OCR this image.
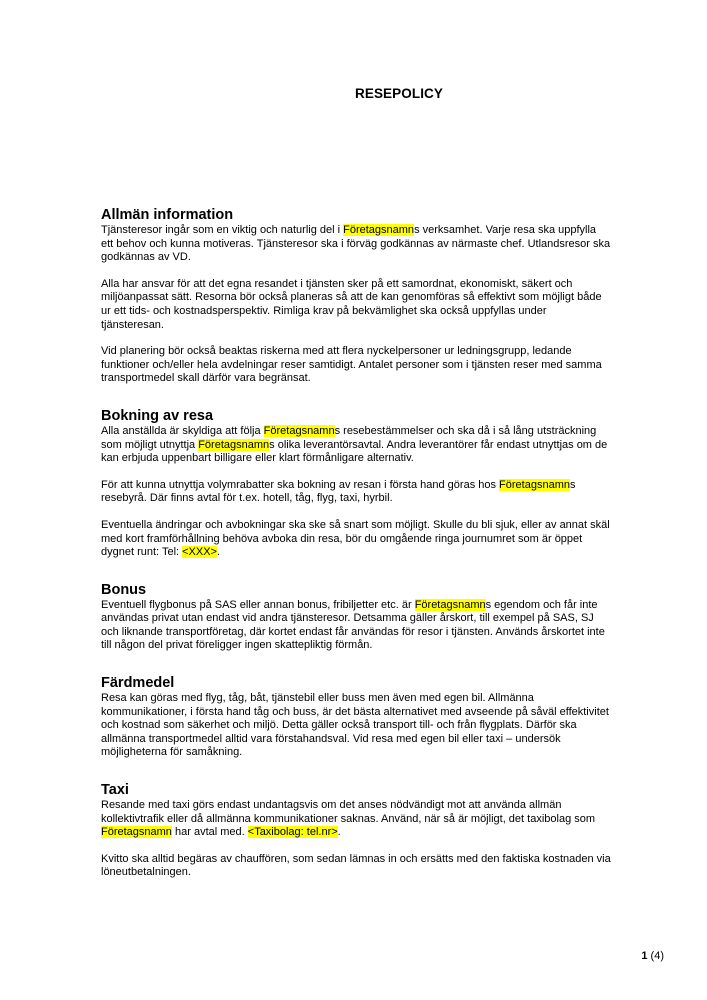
RESEPOLICY
Allmän information

Tjänsteresor ingår som en viktig och naturlig del i Företagsnamns verksamhet. Varje resa ska uppfylla ett behov och kunna motiveras. Tjänsteresor ska i förväg godkännas av närmaste chef. Utlandsresor ska godkännas av VD.

Alla har ansvar för att det egna resandet i tjänsten sker på ett samordnat, ekonomiskt, säkert och miljöanpassat sätt. Resorna bör också planeras så att de kan genomföras så effektivt som möjligt både ur ett tids- och kostnadsperspektiv. Rimliga krav på bekvämlighet ska också uppfyllas under tjänsteresan.

Vid planering bör också beaktas riskerna med att flera nyckelpersoner ur ledningsgrupp, ledande funktioner och/eller hela avdelningar reser samtidigt. Antalet personer som i tjänsten reser med samma transportmedel skall därför vara begränsat.

Bokning av resa

Alla anställda är skyldiga att följa Företagsnamns resebestämmelser och ska då i så lång utsträckning som möjligt utnyttja Företagsnamns olika leverantörsavtal. Andra leverantörer får endast utnyttjas om de kan erbjuda uppenbart billigare eller klart förmånligare alternativ.

För att kunna utnyttja volymrabatter ska bokning av resan i första hand göras hos Företagsnamns resebyrå. Där finns avtal för t.ex. hotell, tåg, flyg, taxi, hyrbil.

Eventuella ändringar och avbokningar ska ske så snart som möjligt. Skulle du bli sjuk, eller av annat skäl med kort framförhållning behöva avboka din resa, bör du omgående ringa journumret som är öppet dygnet runt: Tel: <XXX>.

Bonus

Eventuell flygbonus på SAS eller annan bonus, fribiljetter etc. är Företagsnamns egendom och får inte användas privat utan endast vid andra tjänsteresor. Detsamma gäller årskort, till exempel på SAS, SJ och liknande transportföretag, där kortet endast får användas för resor i tjänsten. Används årskortet inte till någon del privat föreligger ingen skattepliktig förmån.

Färdmedel

Resa kan göras med flyg, tåg, båt, tjänstebil eller buss men även med egen bil. Allmänna kommunikationer, i första hand tåg och buss, är det bästa alternativet med avseende på såväl effektivitet och kostnad som säkerhet och miljö. Detta gäller också transport till- och från flygplats. Därför ska allmänna transportmedel alltid vara förstahandsval. Vid resa med egen bil eller taxi – undersök möjligheterna för samåkning.

Taxi

Resande med taxi görs endast undantagsvis om det anses nödvändigt mot att använda allmän kollektivtrafik eller då allmänna kommunikationer saknas. Använd, när så är möjligt, det taxibolag som Företagsnamn har avtal med. <Taxibolag: tel.nr>.

Kvitto ska alltid begäras av chauffören, som sedan lämnas in och ersätts med den faktiska kostnaden via löneutbetalningen.

1 (4)
